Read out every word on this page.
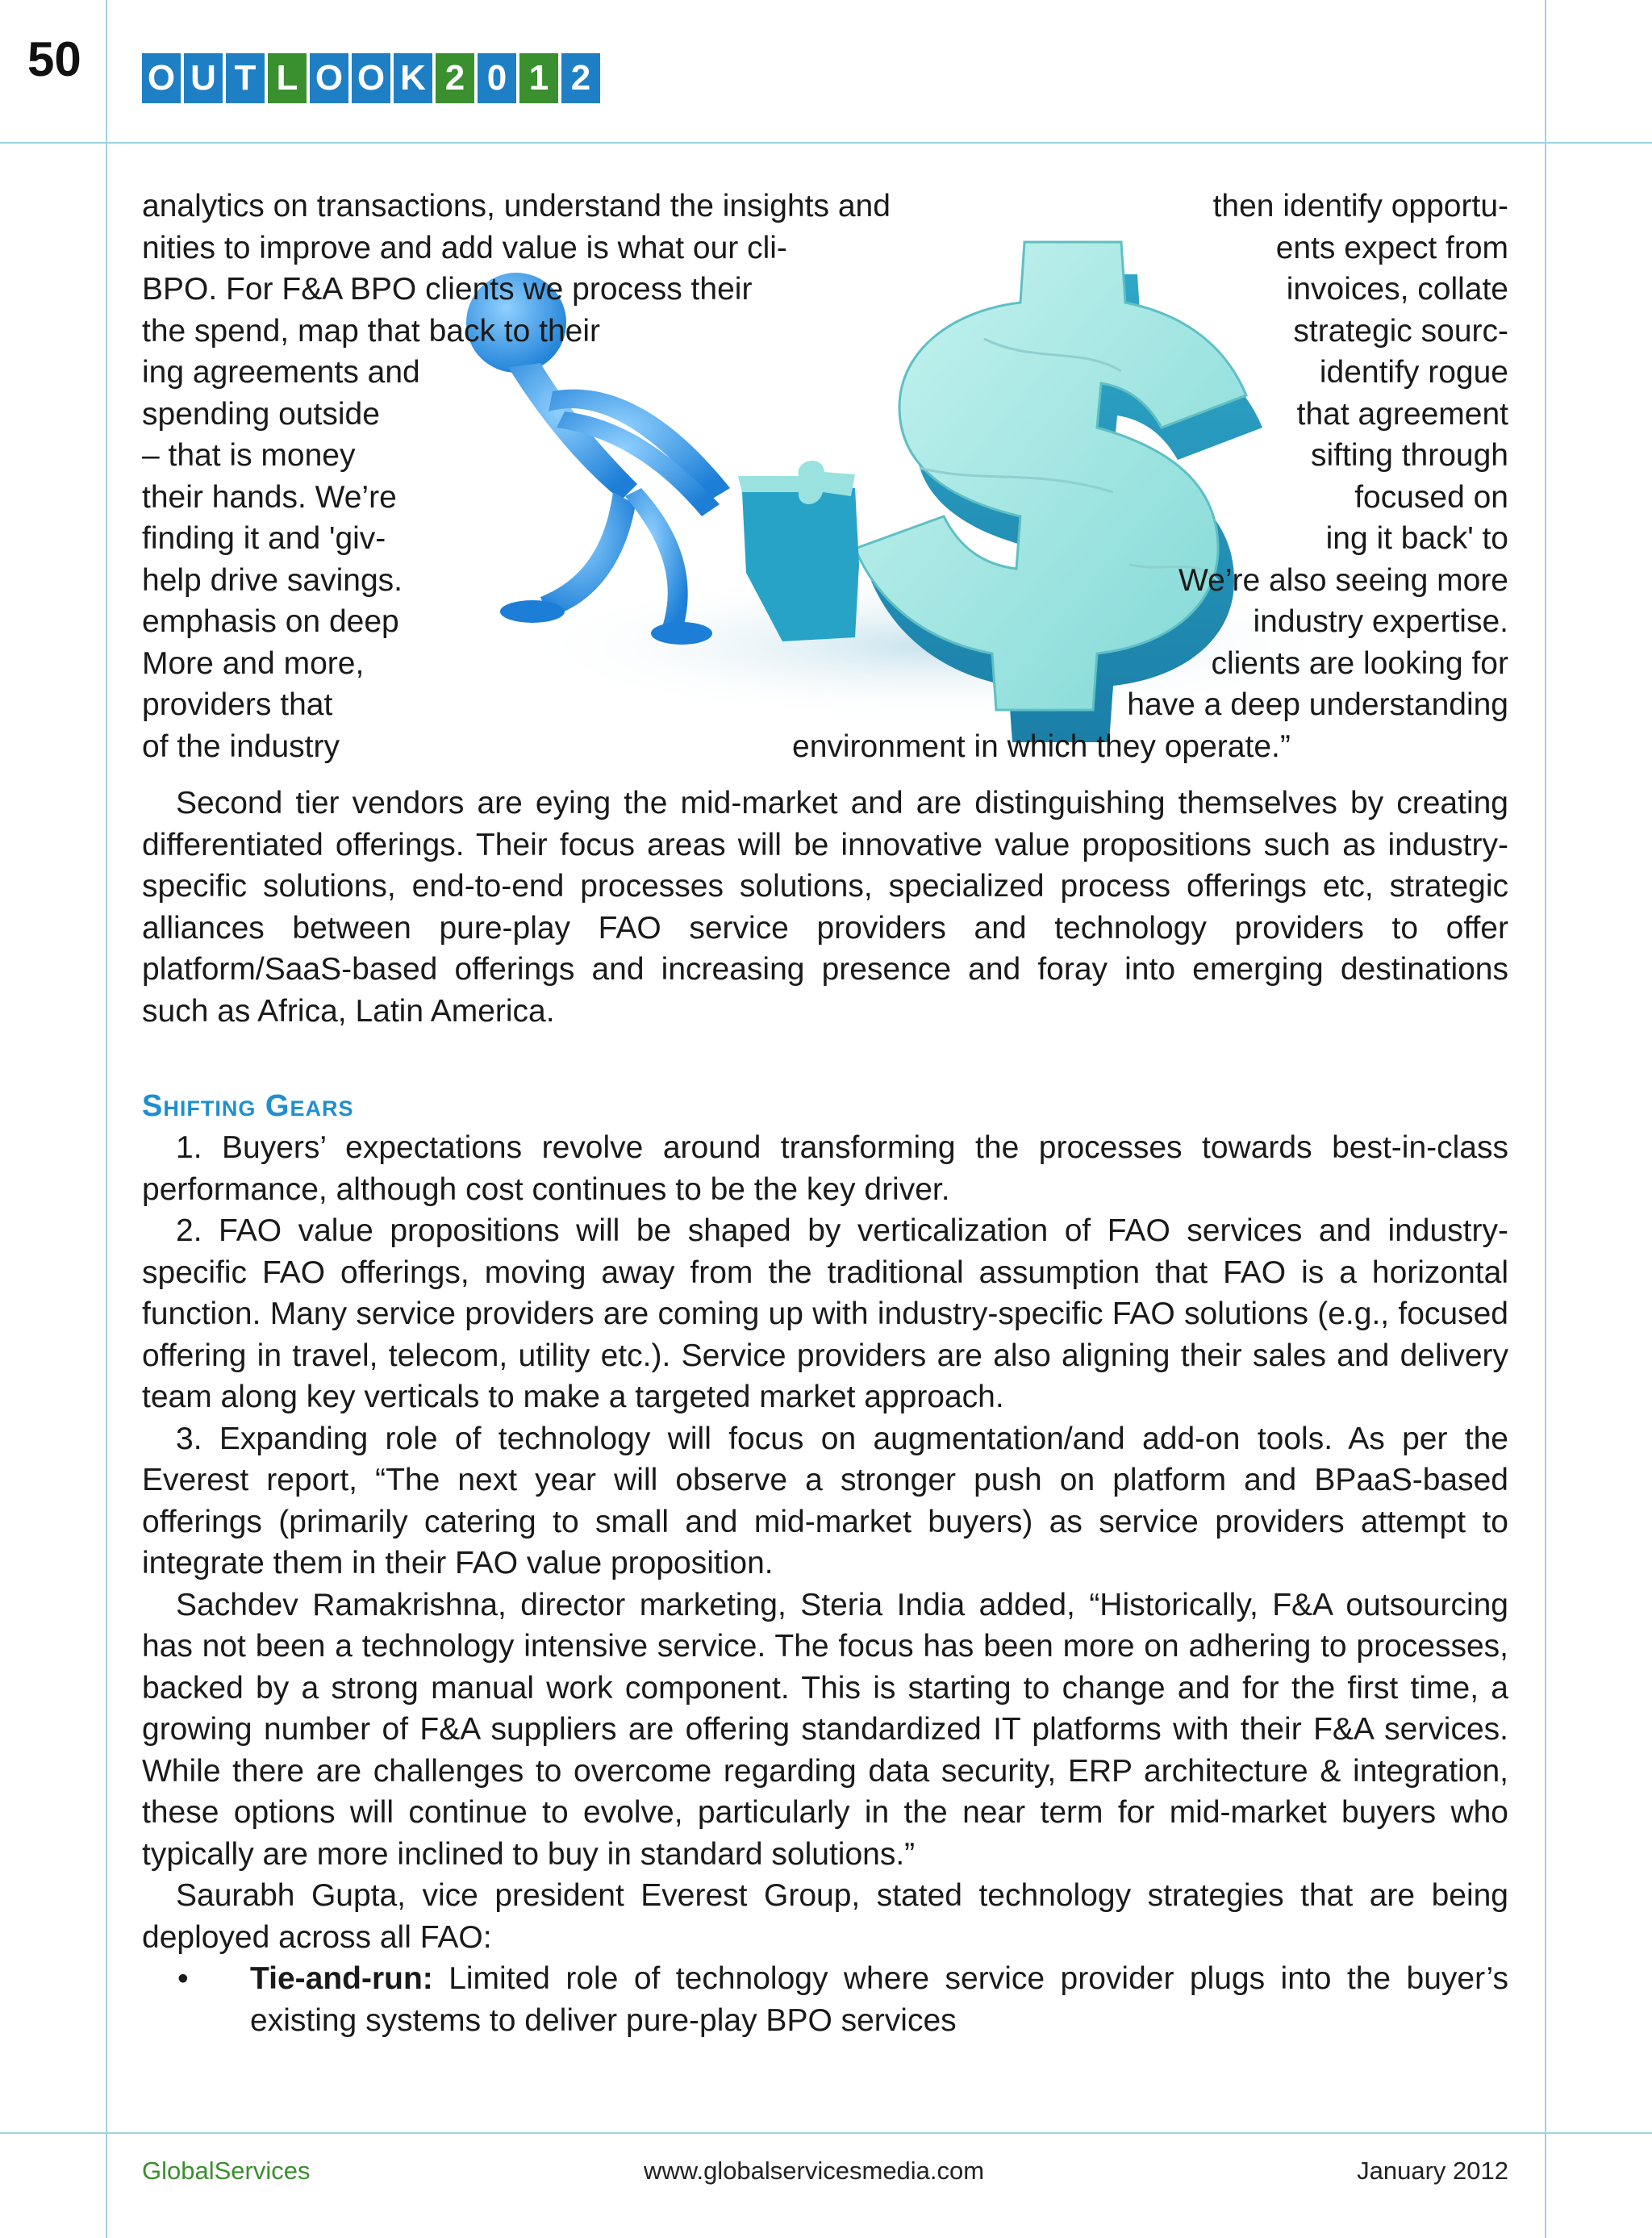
50 O U T L O O K 2 0 1 2
analytics on transactions, understand the insights and	then identify opportu-
nities to improve and add value is what our cli-	ents expect from
BPO. For F&A BPO clients we process their	invoices, collate
the spend, map that back to their	strategic sourc-
ing agreements and	identify rogue
spending outside	that agreement
– that is money	sifting through
their hands. We’re	focused on
finding it and 'giv-	ing it back' to
help drive savings.	We’re also seeing more
emphasis on deep	industry expertise.
More and more,	clients are looking for
providers that	have a deep understanding
of the industry	environment in which they operate.”

Second tier vendors are eying the mid-market and are distinguishing themselves by creating differentiated offerings. Their focus areas will be innovative value propositions such as industry-specific solutions, end-to-end processes solutions, specialized process offerings etc, strategic alliances between pure-play FAO service providers and technology providers to offer platform/SaaS-based offerings and increasing presence and foray into emerging destinations such as Africa, Latin America.

Shifting Gears

1. Buyers’ expectations revolve around transforming the processes towards best-in-class performance, although cost continues to be the key driver.

2. FAO value propositions will be shaped by verticalization of FAO services and industry-specific FAO offerings, moving away from the traditional assumption that FAO is a horizontal function. Many service providers are coming up with industry-specific FAO solutions (e.g., focused offering in travel, telecom, utility etc.). Service providers are also aligning their sales and delivery team along key verticals to make a targeted market approach.

3. Expanding role of technology will focus on augmentation/and add-on tools. As per the Everest report, “The next year will observe a stronger push on platform and BPaaS-based offerings (primarily catering to small and mid-market buyers) as service providers attempt to integrate them in their FAO value proposition.

Sachdev Ramakrishna, director marketing, Steria India added, “Historically, F&A outsourcing has not been a technology intensive service. The focus has been more on adhering to processes, backed by a strong manual work component. This is starting to change and for the first time, a growing number of F&A suppliers are offering standardized IT platforms with their F&A services. While there are challenges to overcome regarding data security, ERP architecture & integration, these options will continue to evolve, particularly in the near term for mid-market buyers who typically are more inclined to buy in standard solutions.”

Saurabh Gupta, vice president Everest Group, stated technology strategies that are being deployed across all FAO:

•	Tie-and-run: Limited role of technology where service provider plugs into the buyer’s existing systems to deliver pure-play BPO services
GlobalServices	www.globalservicesmedia.com	January 2012
